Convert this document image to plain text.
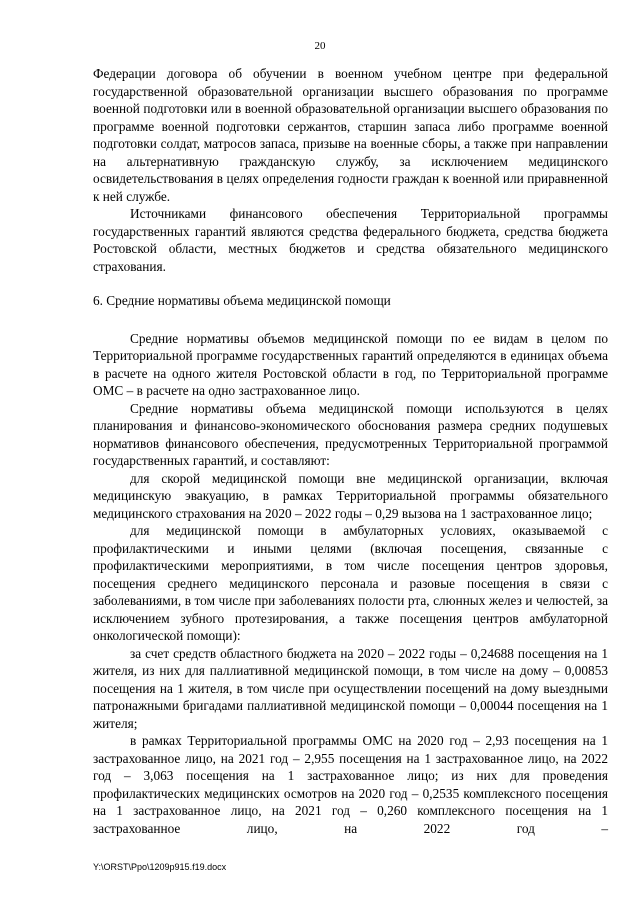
20

Федерации договора об обучении в военном учебном центре при федеральной государственной образовательной организации высшего образования по программе военной подготовки или в военной образовательной организации высшего образования по программе военной подготовки сержантов, старшин запаса либо программе военной подготовки солдат, матросов запаса, призыве на военные сборы, а также при направлении на альтернативную гражданскую службу, за исключением медицинского освидетельствования в целях определения годности граждан к военной или приравненной к ней службе.

Источниками финансового обеспечения Территориальной программы государственных гарантий являются средства федерального бюджета, средства бюджета Ростовской области, местных бюджетов и средства обязательного медицинского страхования.

6. Средние нормативы объема медицинской помощи

Средние нормативы объемов медицинской помощи по ее видам в целом по Территориальной программе государственных гарантий определяются в единицах объема в расчете на одного жителя Ростовской области в год, по Территориальной программе ОМС – в расчете на одно застрахованное лицо.

Средние нормативы объема медицинской помощи используются в целях планирования и финансово-экономического обоснования размера средних подушевых нормативов финансового обеспечения, предусмотренных Территориальной программой государственных гарантий, и составляют:

для скорой медицинской помощи вне медицинской организации, включая медицинскую эвакуацию, в рамках Территориальной программы обязательного медицинского страхования на 2020 – 2022 годы – 0,29 вызова на 1 застрахованное лицо;

для медицинской помощи в амбулаторных условиях, оказываемой с профилактическими и иными целями (включая посещения, связанные с профилактическими мероприятиями, в том числе посещения центров здоровья, посещения среднего медицинского персонала и разовые посещения в связи с заболеваниями, в том числе при заболеваниях полости рта, слюнных желез и челюстей, за исключением зубного протезирования, а также посещения центров амбулаторной онкологической помощи):

за счет средств областного бюджета на 2020 – 2022 годы – 0,24688 посещения на 1 жителя, из них для паллиативной медицинской помощи, в том числе на дому – 0,00853 посещения на 1 жителя, в том числе при осуществлении посещений на дому выездными патронажными бригадами паллиативной медицинской помощи – 0,00044 посещения на 1 жителя;

в рамках Территориальной программы ОМС на 2020 год – 2,93 посещения на 1 застрахованное лицо, на 2021 год – 2,955 посещения на 1 застрахованное лицо, на 2022 год – 3,063 посещения на 1 застрахованное лицо; из них для проведения профилактических медицинских осмотров на 2020 год – 0,2535 комплексного посещения на 1 застрахованное лицо, на 2021 год – 0,260 комплексного посещения на 1 застрахованное лицо, на 2022 год –

Y:\ORST\Ppo\1209p915.f19.docx
